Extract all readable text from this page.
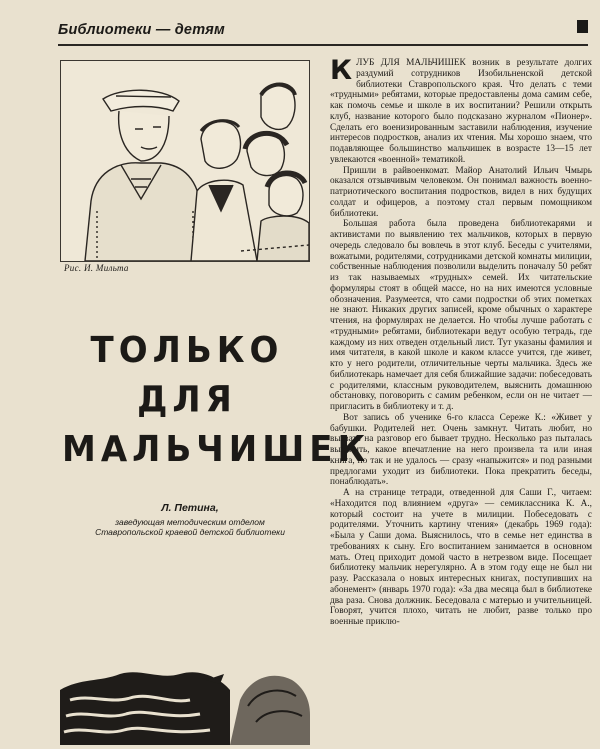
Библиотеки — детям
Рис. И. Мильта
ТОЛЬКО
ДЛЯ
МАЛЬЧИШЕК
Л. Петина,
заведующая методическим отделом
Ставропольской краевой детской библиотеки

КЛУБ ДЛЯ МАЛЬЧИШЕК возник в результате долгих раздумий сотрудников Изобильненской детской библиотеки Ставропольского края. Что делать с теми «трудными» ребятами, которые предоставлены дома самим себе, как помочь семье и школе в их воспитании? Решили открыть клуб, название которого было подсказано журналом «Пионер». Сделать его военизированным заставили наблюдения, изучение интересов подростков, анализ их чтения. Мы хорошо знаем, что подавляющее большинство мальчишек в возрасте 13—15 лет увлекаются «военной» тематикой.

Пришли в райвоенкомат. Майор Анатолий Ильич Чмырь оказался отзывчивым человеком. Он понимал важность военно-патриотического воспитания подростков, видел в них будущих солдат и офицеров, а поэтому стал первым помощником библиотеки.

Большая работа была проведена библиотекарями и активистами по выявлению тех мальчиков, которых в первую очередь следовало бы вовлечь в этот клуб. Беседы с учителями, вожатыми, родителями, сотрудниками детской комнаты милиции, собственные наблюдения позволили выделить поначалу 50 ребят из так называемых «трудных» семей. Их читательские формуляры стоят в общей массе, но на них имеются условные обозначения. Разумеется, что сами подростки об этих пометках не знают. Никаких других записей, кроме обычных о характере чтения, на формулярах не делается. Но чтобы лучше работать с «трудными» ребятами, библиотекари ведут особую тетрадь, где каждому из них отведен отдельный лист. Тут указаны фамилия и имя читателя, в какой школе и каком классе учится, где живет, кто у него родители, отличительные черты мальчика. Здесь же библиотекарь намечает для себя ближайшие задачи: побеседовать с родителями, классным руководителем, выяснить домашнюю обстановку, поговорить с самим ребенком, если он не читает — пригласить в библиотеку и т. д.

Вот запись об ученике 6-го класса Сереже К.: «Живет у бабушки. Родителей нет. Очень замкнут. Читать любит, но вызвать на разговор его бывает трудно. Несколько раз пыталась выяснить, какое впечатление на него произвела та или иная книга, но так и не удалось — сразу «напыжится» и под разными предлогами уходит из библиотеки. Пока прекратить беседы, понаблюдать».

А на странице тетради, отведенной для Саши Г., читаем: «Находится под влиянием «друга» — семиклассника К. А., который состоит на учете в милиции. Побеседовать с родителями. Уточнить картину чтения» (декабрь 1969 года): «Была у Саши дома. Выяснилось, что в семье нет единства в требованиях к сыну. Его воспитанием занимается в основном мать. Отец приходит домой часто в нетрезвом виде. Посещает библиотеку мальчик нерегулярно. А в этом году еще не был ни разу. Рассказала о новых интересных книгах, поступивших на абонемент» (январь 1970 года): «За два месяца был в библиотеке два раза. Снова должник. Беседовала с матерью и учительницей. Говорят, учится плохо, читать не любит, разве только про военные приклю-
